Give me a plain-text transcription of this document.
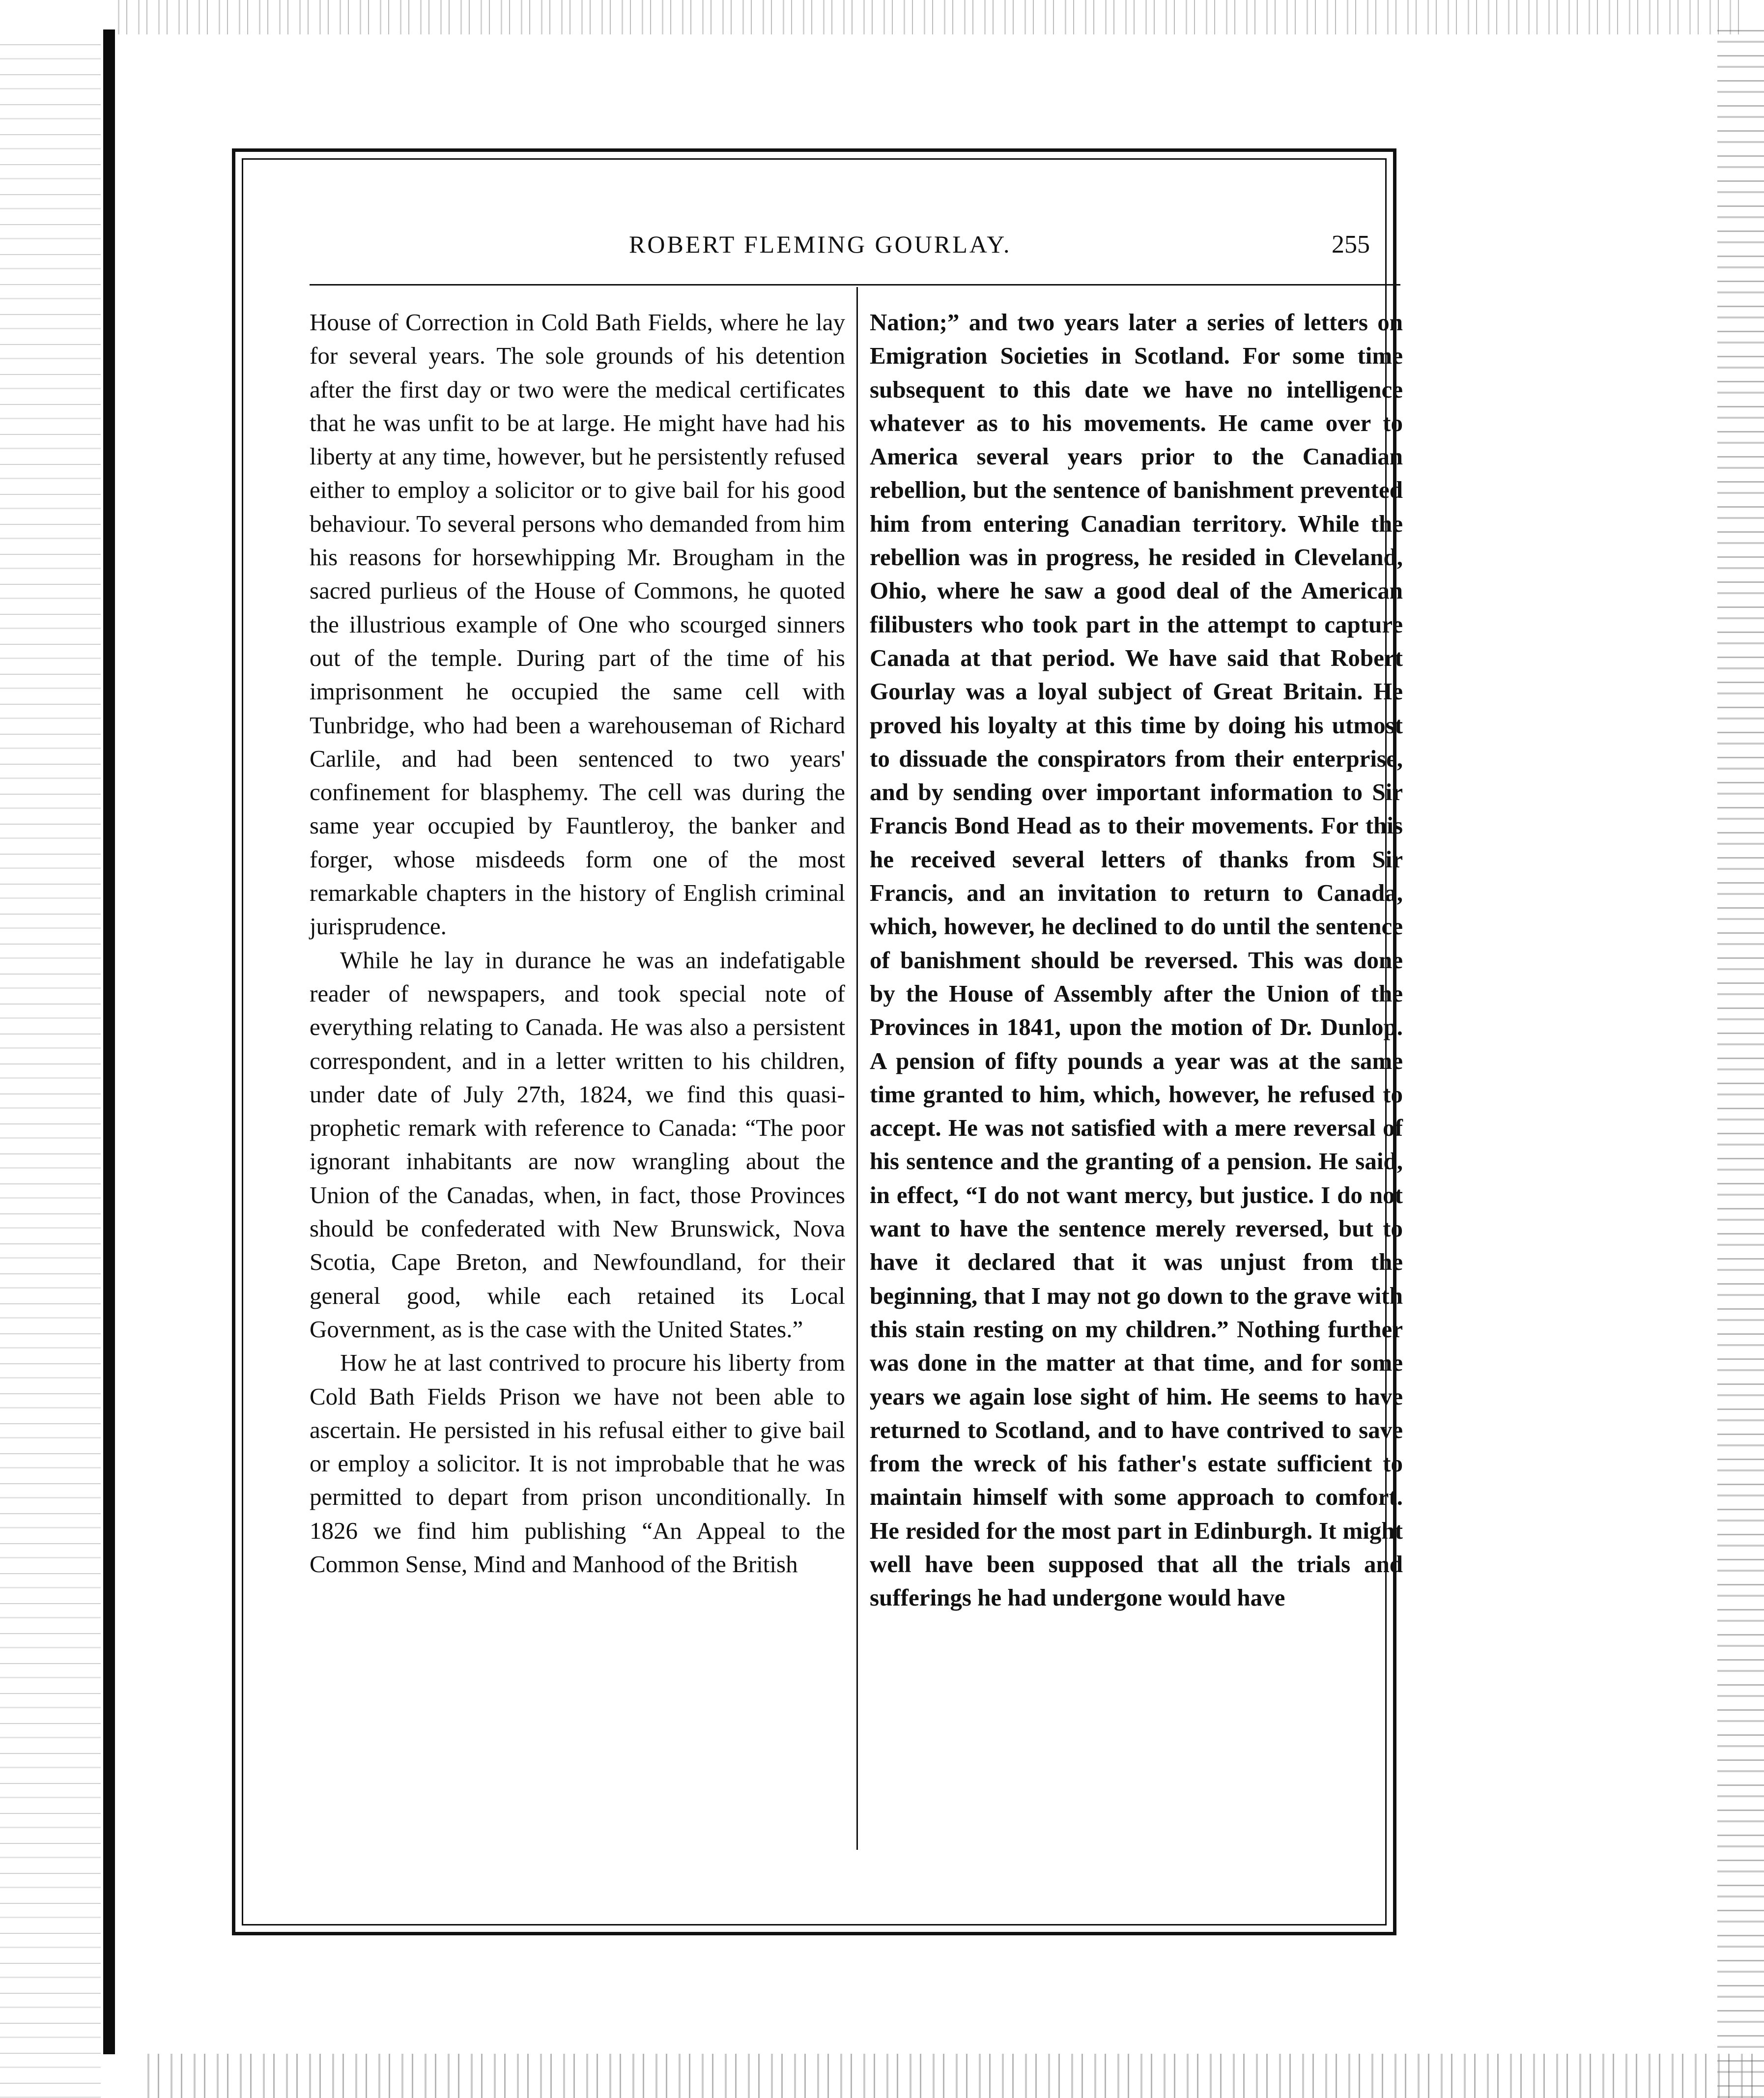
ROBERT FLEMING GOURLAY.	255

House of Correction in Cold Bath Fields, where he lay for several years. The sole grounds of his detention after the first day or two were the medical certificates that he was unfit to be at large. He might have had his liberty at any time, however, but he persistently refused either to employ a solicitor or to give bail for his good behaviour. To several persons who demanded from him his reasons for horsewhipping Mr. Brougham in the sacred purlieus of the House of Commons, he quoted the illustrious example of One who scourged sinners out of the temple. During part of the time of his imprisonment he occupied the same cell with Tunbridge, who had been a warehouseman of Richard Carlile, and had been sentenced to two years' confinement for blasphemy. The cell was during the same year occupied by Fauntleroy, the banker and forger, whose misdeeds form one of the most remarkable chapters in the history of English criminal jurisprudence.

While he lay in durance he was an indefatigable reader of newspapers, and took special note of everything relating to Canada. He was also a persistent correspondent, and in a letter written to his children, under date of July 27th, 1824, we find this quasi-prophetic remark with reference to Canada: “The poor ignorant inhabitants are now wrangling about the Union of the Canadas, when, in fact, those Provinces should be confederated with New Brunswick, Nova Scotia, Cape Breton, and Newfoundland, for their general good, while each retained its Local Government, as is the case with the United States.”

How he at last contrived to procure his liberty from Cold Bath Fields Prison we have not been able to ascertain. He persisted in his refusal either to give bail or employ a solicitor. It is not improbable that he was permitted to depart from prison unconditionally. In 1826 we find him publishing “An Appeal to the Common Sense, Mind and Manhood of the British

Nation;” and two years later a series of letters on Emigration Societies in Scotland. For some time subsequent to this date we have no intelligence whatever as to his movements. He came over to America several years prior to the Canadian rebellion, but the sentence of banishment prevented him from entering Canadian territory. While the rebellion was in progress, he resided in Cleveland, Ohio, where he saw a good deal of the American filibusters who took part in the attempt to capture Canada at that period. We have said that Robert Gourlay was a loyal subject of Great Britain. He proved his loyalty at this time by doing his utmost to dissuade the conspirators from their enterprise, and by sending over important information to Sir Francis Bond Head as to their movements. For this he received several letters of thanks from Sir Francis, and an invitation to return to Canada, which, however, he declined to do until the sentence of banishment should be reversed. This was done by the House of Assembly after the Union of the Provinces in 1841, upon the motion of Dr. Dunlop. A pension of fifty pounds a year was at the same time granted to him, which, however, he refused to accept. He was not satisfied with a mere reversal of his sentence and the granting of a pension. He said, in effect, “I do not want mercy, but justice. I do not want to have the sentence merely reversed, but to have it declared that it was unjust from the beginning, that I may not go down to the grave with this stain resting on my children.” Nothing further was done in the matter at that time, and for some years we again lose sight of him. He seems to have returned to Scotland, and to have contrived to save from the wreck of his father's estate sufficient to maintain himself with some approach to comfort. He resided for the most part in Edinburgh. It might well have been supposed that all the trials and sufferings he had undergone would have
